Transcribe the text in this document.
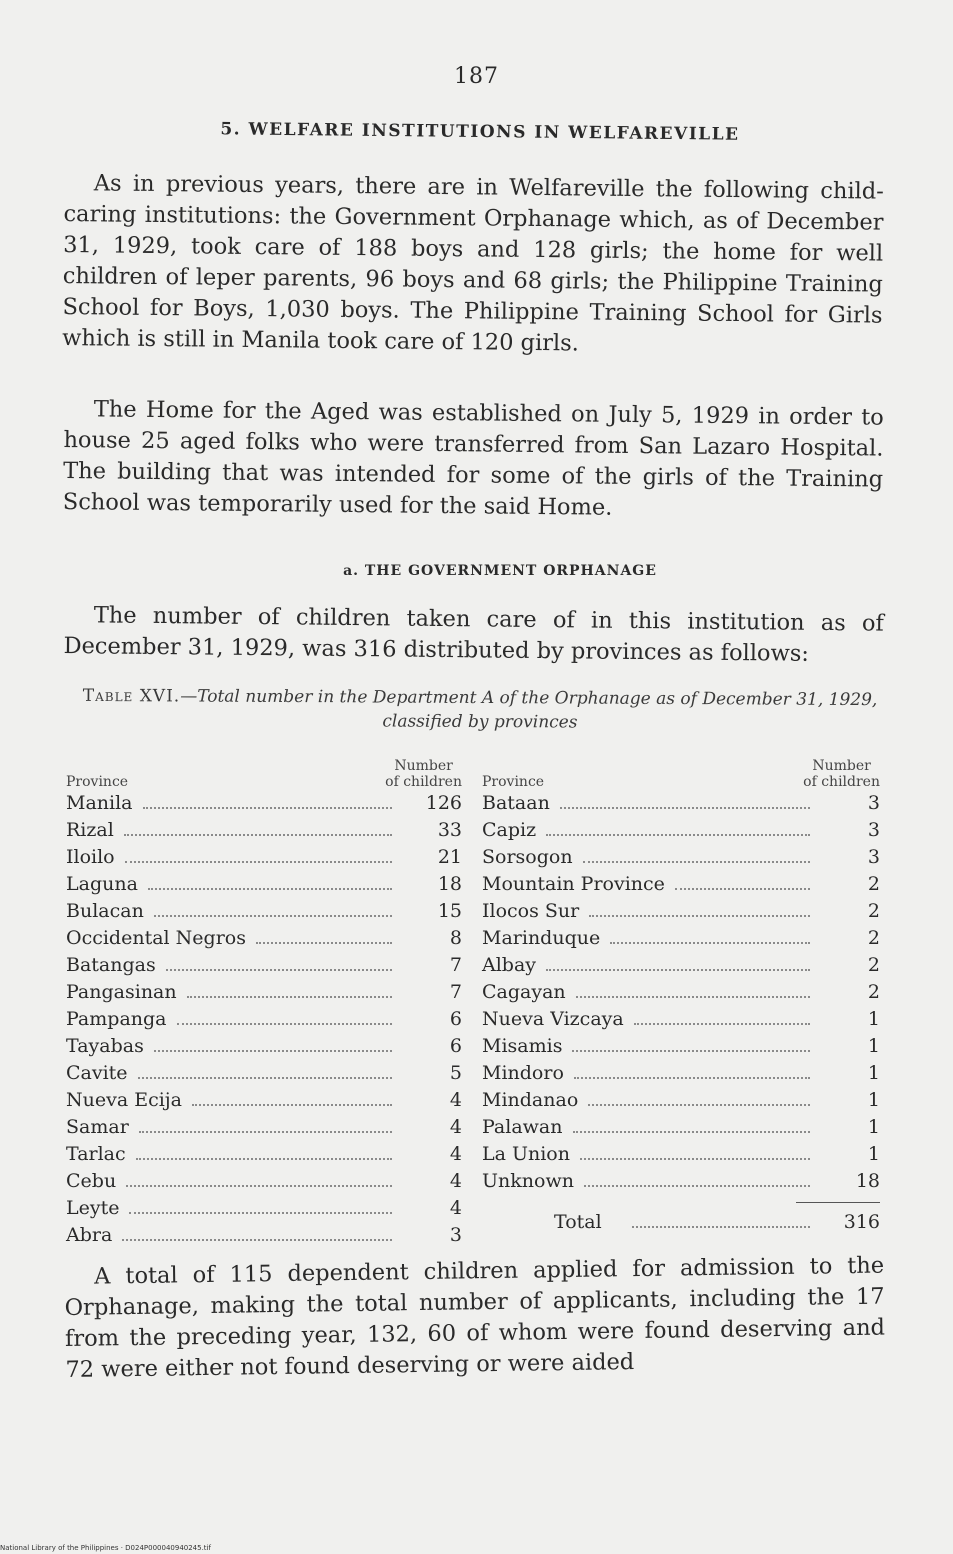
187
5. WELFARE INSTITUTIONS IN WELFAREVILLE

As in previous years, there are in Welfareville the following child-caring institutions: the Government Orphanage which, as of December 31, 1929, took care of 188 boys and 128 girls; the home for well children of leper parents, 96 boys and 68 girls; the Philippine Training School for Boys, 1,030 boys. The Philippine Training School for Girls which is still in Manila took care of 120 girls.

The Home for the Aged was established on July 5, 1929 in order to house 25 aged folks who were transferred from San Lazaro Hospital. The building that was intended for some of the girls of the Training School was temporarily used for the said Home.

a. THE GOVERNMENT ORPHANAGE

The number of children taken care of in this institution as of December 31, 1929, was 316 distributed by provinces as follows:

Table XVI.—Total number in the Department A of the Orphanage as of December 31, 1929, classified by provinces
Province
Number
of children
Manila	126
Rizal	33
Iloilo	21
Laguna	18
Bulacan	15
Occidental Negros	8
Batangas	7
Pangasinan	7
Pampanga	6
Tayabas	6
Cavite	5
Nueva Ecija	4
Samar	4
Tarlac	4
Cebu	4
Leyte	4
Abra	3
Province
Number
of children
Bataan	3
Capiz	3
Sorsogon	3
Mountain Province	2
Ilocos Sur	2
Marinduque	2
Albay	2
Cagayan	2
Nueva Vizcaya	1
Misamis	1
Mindoro	1
Mindanao	1
Palawan	1
La Union	1
Unknown	18
Total	316

A total of 115 dependent children applied for admission to the Orphanage, making the total number of applicants, including the 17 from the preceding year, 132, 60 of whom were found deserving and 72 were either not found deserving or were aided

National Library of the Philippines · D024P000040940245.tif
